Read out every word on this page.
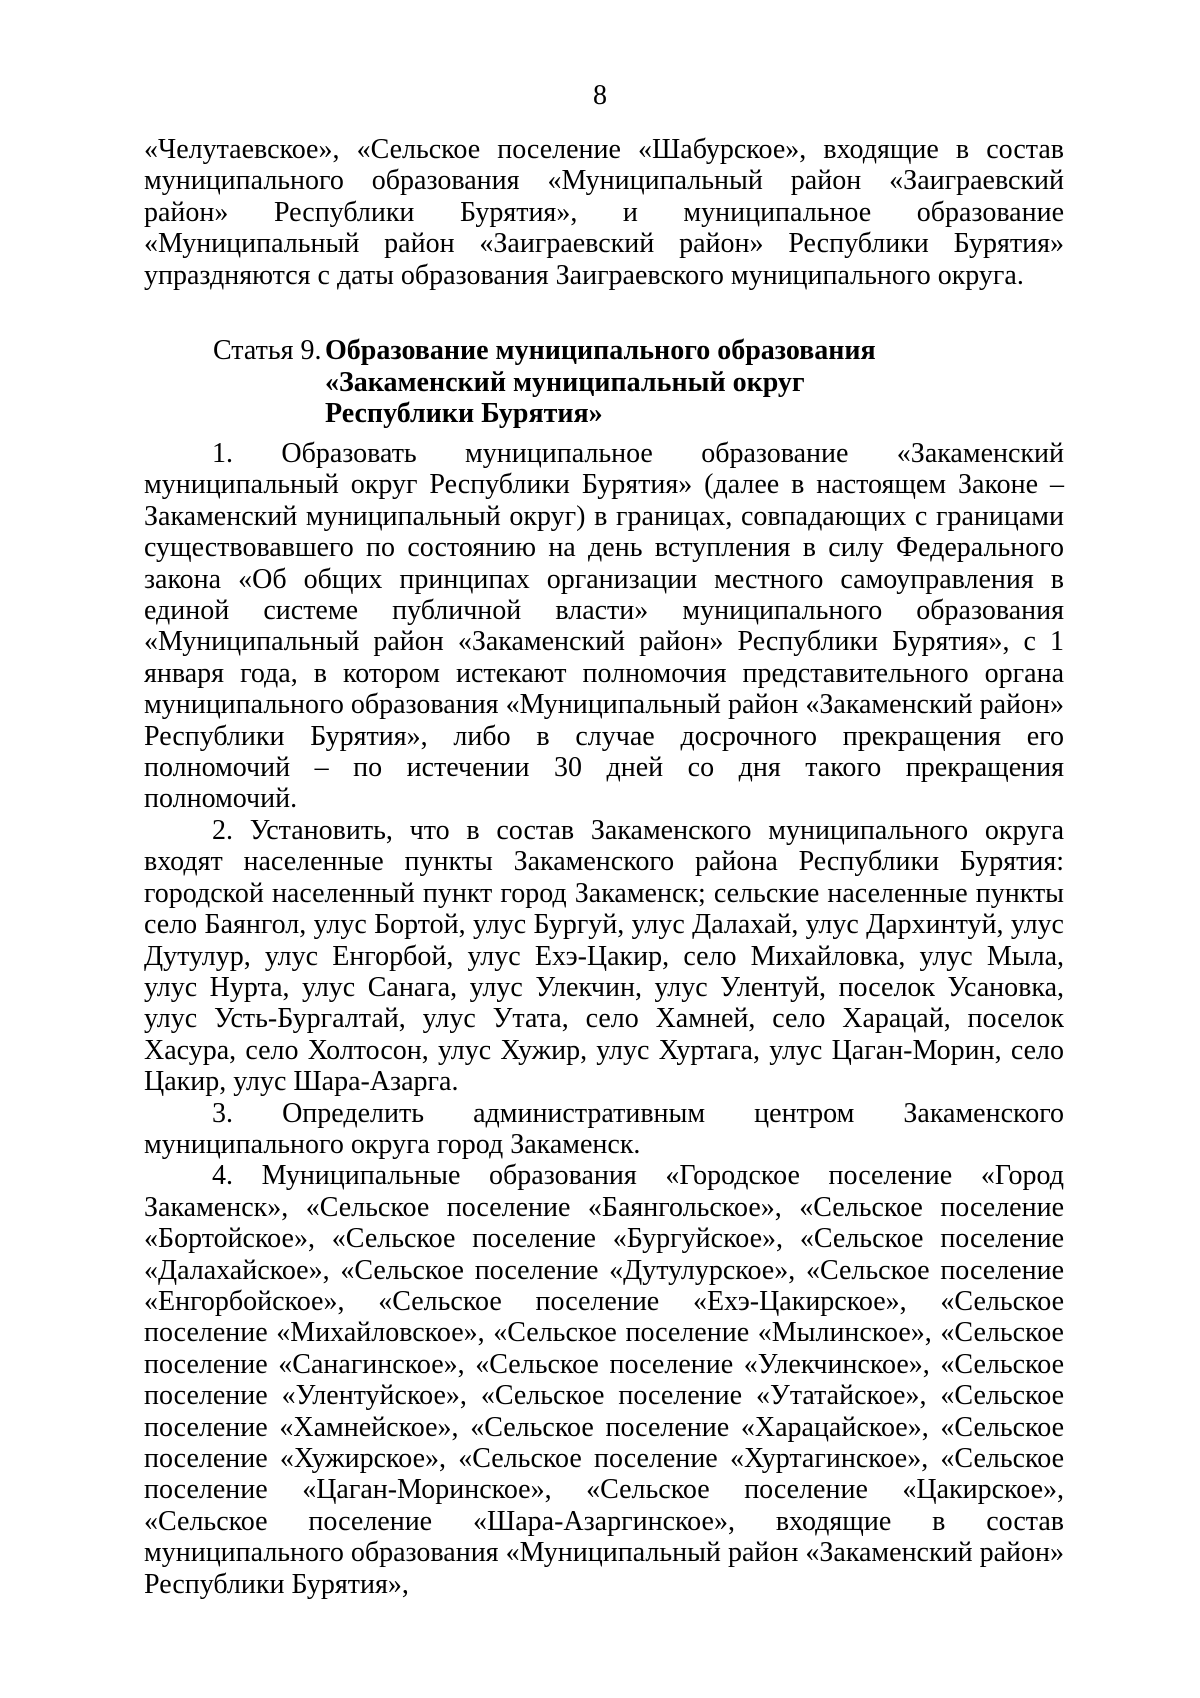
8

«Челутаевское», «Сельское поселение «Шабурское», входящие в состав муниципального образования «Муниципальный район «Заиграевский район» Республики Бурятия», и муниципальное образование «Муниципальный район «Заиграевский район» Республики Бурятия» упраздняются с даты образования Заиграевского муниципального округа.

Статья 9. Образование муниципального образования
«Закаменский муниципальный округ
Республики Бурятия»

1. Образовать муниципальное образование «Закаменский муниципальный округ Республики Бурятия» (далее в настоящем Законе – Закаменский муниципальный округ) в границах, совпадающих с границами существовавшего по состоянию на день вступления в силу Федерального закона «Об общих принципах организации местного самоуправления в единой системе публичной власти» муниципального образования «Муниципальный район «Закаменский район» Республики Бурятия», с 1 января года, в котором истекают полномочия представительного органа муниципального образования «Муниципальный район «Закаменский район» Республики Бурятия», либо в случае досрочного прекращения его полномочий – по истечении 30 дней со дня такого прекращения полномочий.

2. Установить, что в состав Закаменского муниципального округа входят населенные пункты Закаменского района Республики Бурятия: городской населенный пункт город Закаменск; сельские населенные пункты село Баянгол, улус Бортой, улус Бургуй, улус Далахай, улус Дархинтуй, улус Дутулур, улус Енгорбой, улус Ехэ-Цакир, село Михайловка, улус Мыла, улус Нурта, улус Санага, улус Улекчин, улус Улентуй, поселок Усановка, улус Усть-Бургалтай, улус Утата, село Хамней, село Харацай, поселок Хасура, село Холтосон, улус Хужир, улус Хуртага, улус Цаган-Морин, село Цакир, улус Шара-Азарга.

3. Определить административным центром Закаменского муниципального округа город Закаменск.

4. Муниципальные образования «Городское поселение «Город Закаменск», «Сельское поселение «Баянгольское», «Сельское поселение «Бортойское», «Сельское поселение «Бургуйское», «Сельское поселение «Далахайское», «Сельское поселение «Дутулурское», «Сельское поселение «Енгорбойское», «Сельское поселение «Ехэ-Цакирское», «Сельское поселение «Михайловское», «Сельское поселение «Мылинское», «Сельское поселение «Санагинское», «Сельское поселение «Улекчинское», «Сельское поселение «Улентуйское», «Сельское поселение «Утатайское», «Сельское поселение «Хамнейское», «Сельское поселение «Харацайское», «Сельское поселение «Хужирское», «Сельское поселение «Хуртагинское», «Сельское поселение «Цаган-Моринское», «Сельское поселение «Цакирское», «Сельское поселение «Шара-Азаргинское», входящие в состав муниципального образования «Муниципальный район «Закаменский район» Республики Бурятия»,
